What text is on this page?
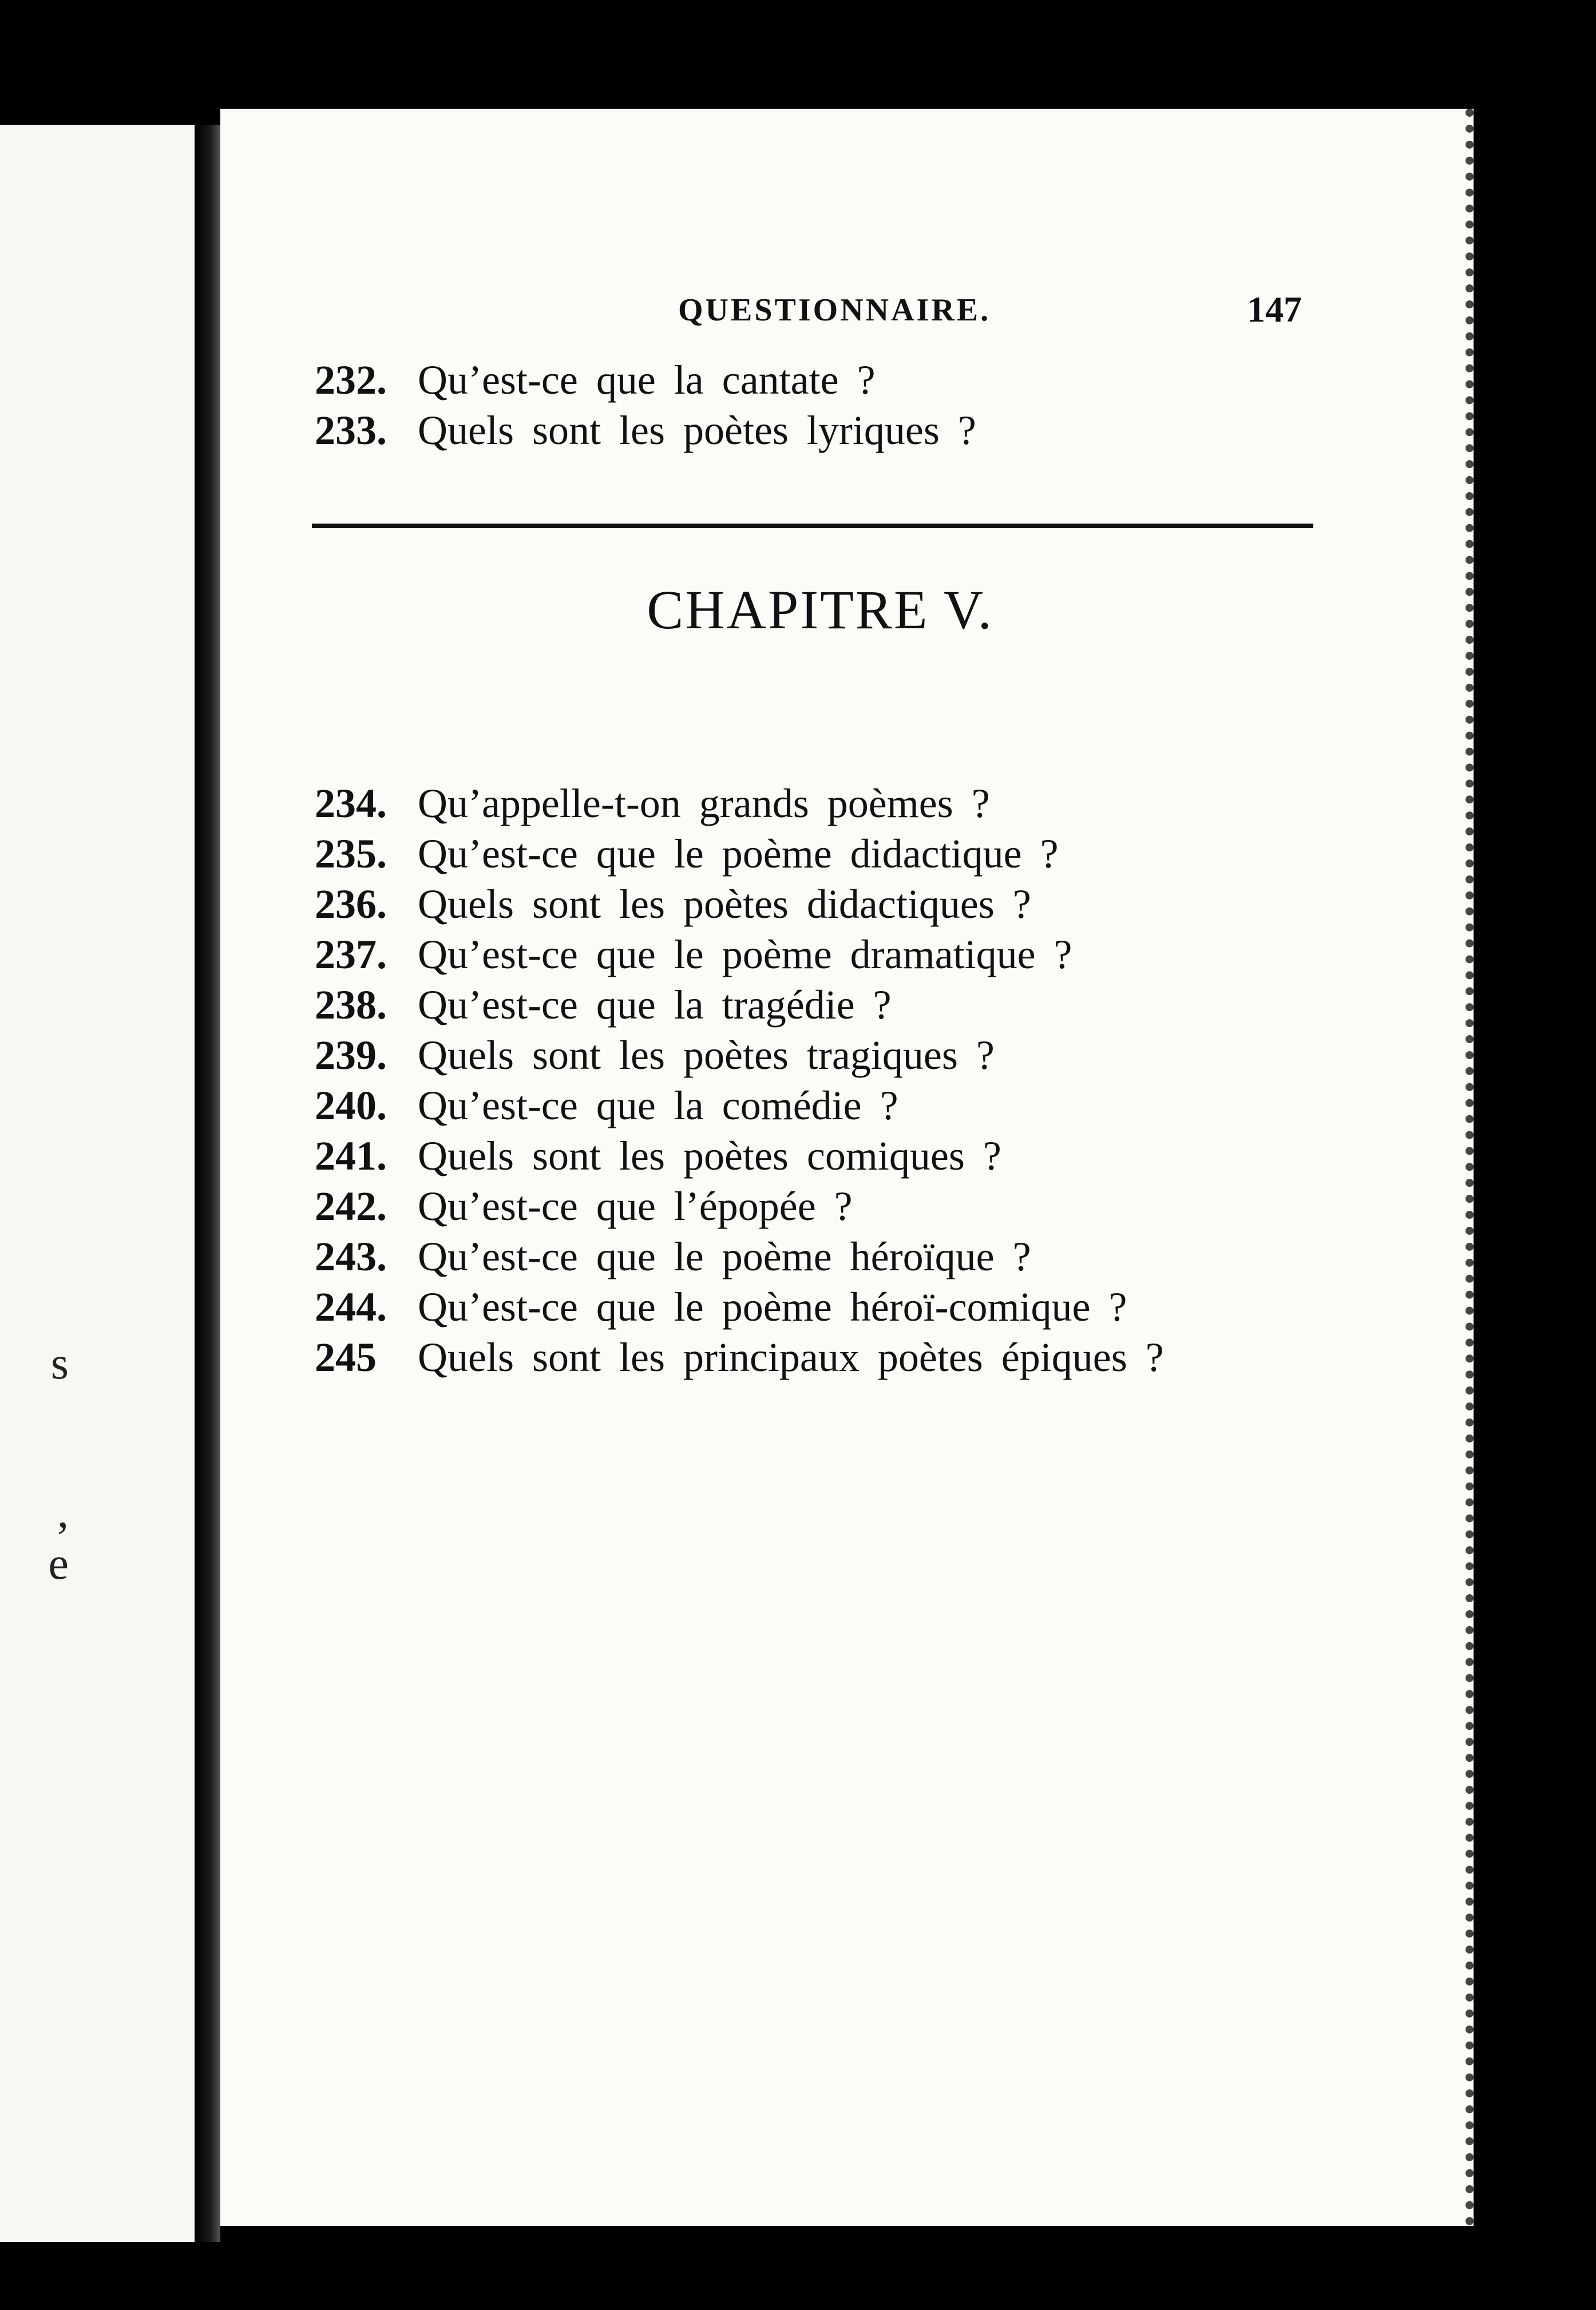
s
,
e
QUESTIONNAIRE.	147
232. Qu’est-ce que la cantate ?
233. Quels sont les poètes lyriques ?
CHAPITRE V.
234. Qu’appelle-t-on grands poèmes ?
235. Qu’est-ce que le poème didactique ?
236. Quels sont les poètes didactiques ?
237. Qu’est-ce que le poème dramatique ?
238. Qu’est-ce que la tragédie ?
239. Quels sont les poètes tragiques ?
240. Qu’est-ce que la comédie ?
241. Quels sont les poètes comiques ?
242. Qu’est-ce que l’épopée ?
243. Qu’est-ce que le poème héroïque ?
244. Qu’est-ce que le poème héroï-comique ?
245	Quels sont les principaux poètes épiques ?
